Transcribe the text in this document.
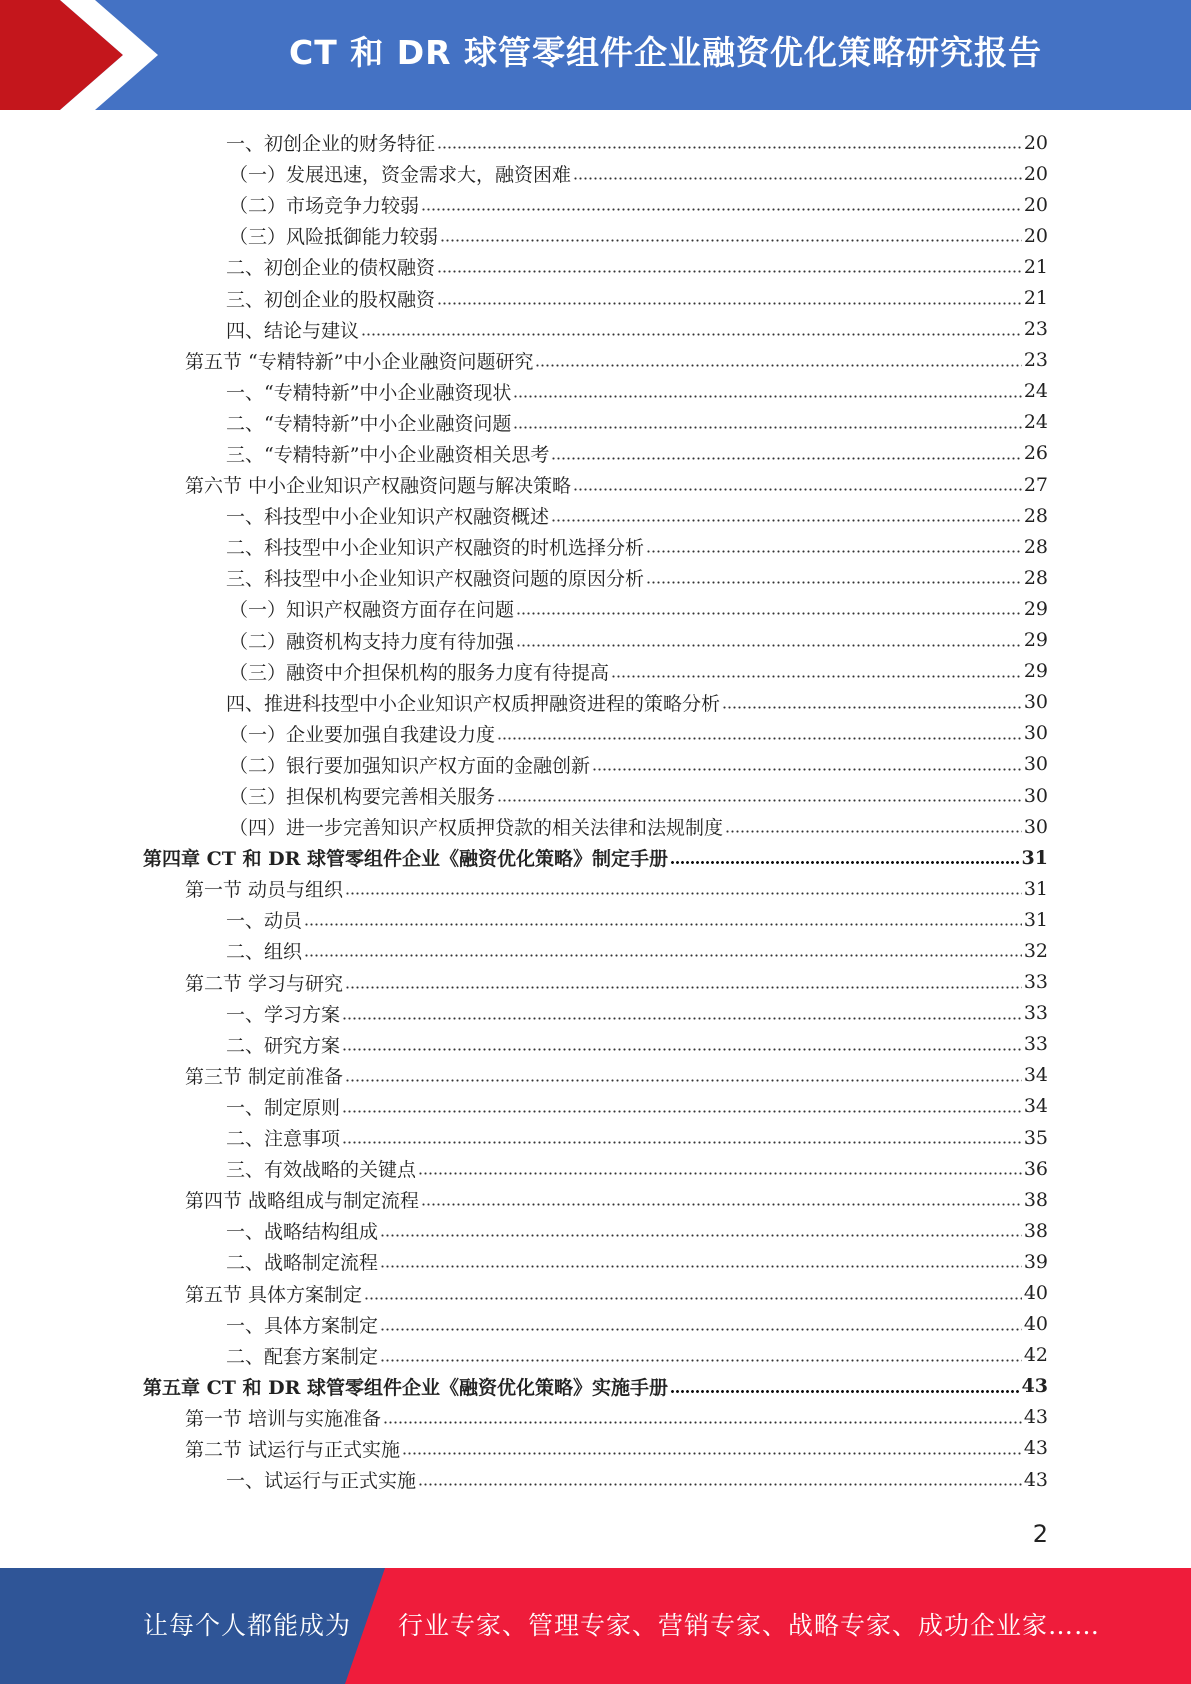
CT 和 DR 球管零组件企业融资优化策略研究报告
一、初创企业的财务特征	20
（一）发展迅速，资金需求大，融资困难	20
（二）市场竞争力较弱	20
（三）风险抵御能力较弱	20
二、初创企业的债权融资	21
三、初创企业的股权融资	21
四、结论与建议	23
第五节 “专精特新”中小企业融资问题研究	23
一、“专精特新”中小企业融资现状	24
二、“专精特新”中小企业融资问题	24
三、“专精特新”中小企业融资相关思考	26
第六节 中小企业知识产权融资问题与解决策略	27
一、科技型中小企业知识产权融资概述	28
二、科技型中小企业知识产权融资的时机选择分析	28
三、科技型中小企业知识产权融资问题的原因分析	28
（一）知识产权融资方面存在问题	29
（二）融资机构支持力度有待加强	29
（三）融资中介担保机构的服务力度有待提高	29
四、推进科技型中小企业知识产权质押融资进程的策略分析	30
（一）企业要加强自我建设力度	30
（二）银行要加强知识产权方面的金融创新	30
（三）担保机构要完善相关服务	30
（四）进一步完善知识产权质押贷款的相关法律和法规制度	30
第四章 CT 和 DR 球管零组件企业《融资优化策略》制定手册	31
第一节 动员与组织	31
一、动员	31
二、组织	32
第二节 学习与研究	33
一、学习方案	33
二、研究方案	33
第三节 制定前准备	34
一、制定原则	34
二、注意事项	35
三、有效战略的关键点	36
第四节 战略组成与制定流程	38
一、战略结构组成	38
二、战略制定流程	39
第五节 具体方案制定	40
一、具体方案制定	40
二、配套方案制定	42
第五章 CT 和 DR 球管零组件企业《融资优化策略》实施手册	43
第一节 培训与实施准备	43
第二节 试运行与正式实施	43
一、试运行与正式实施	43
2
让每个人都能成为 行业专家、管理专家、营销专家、战略专家、成功企业家……
